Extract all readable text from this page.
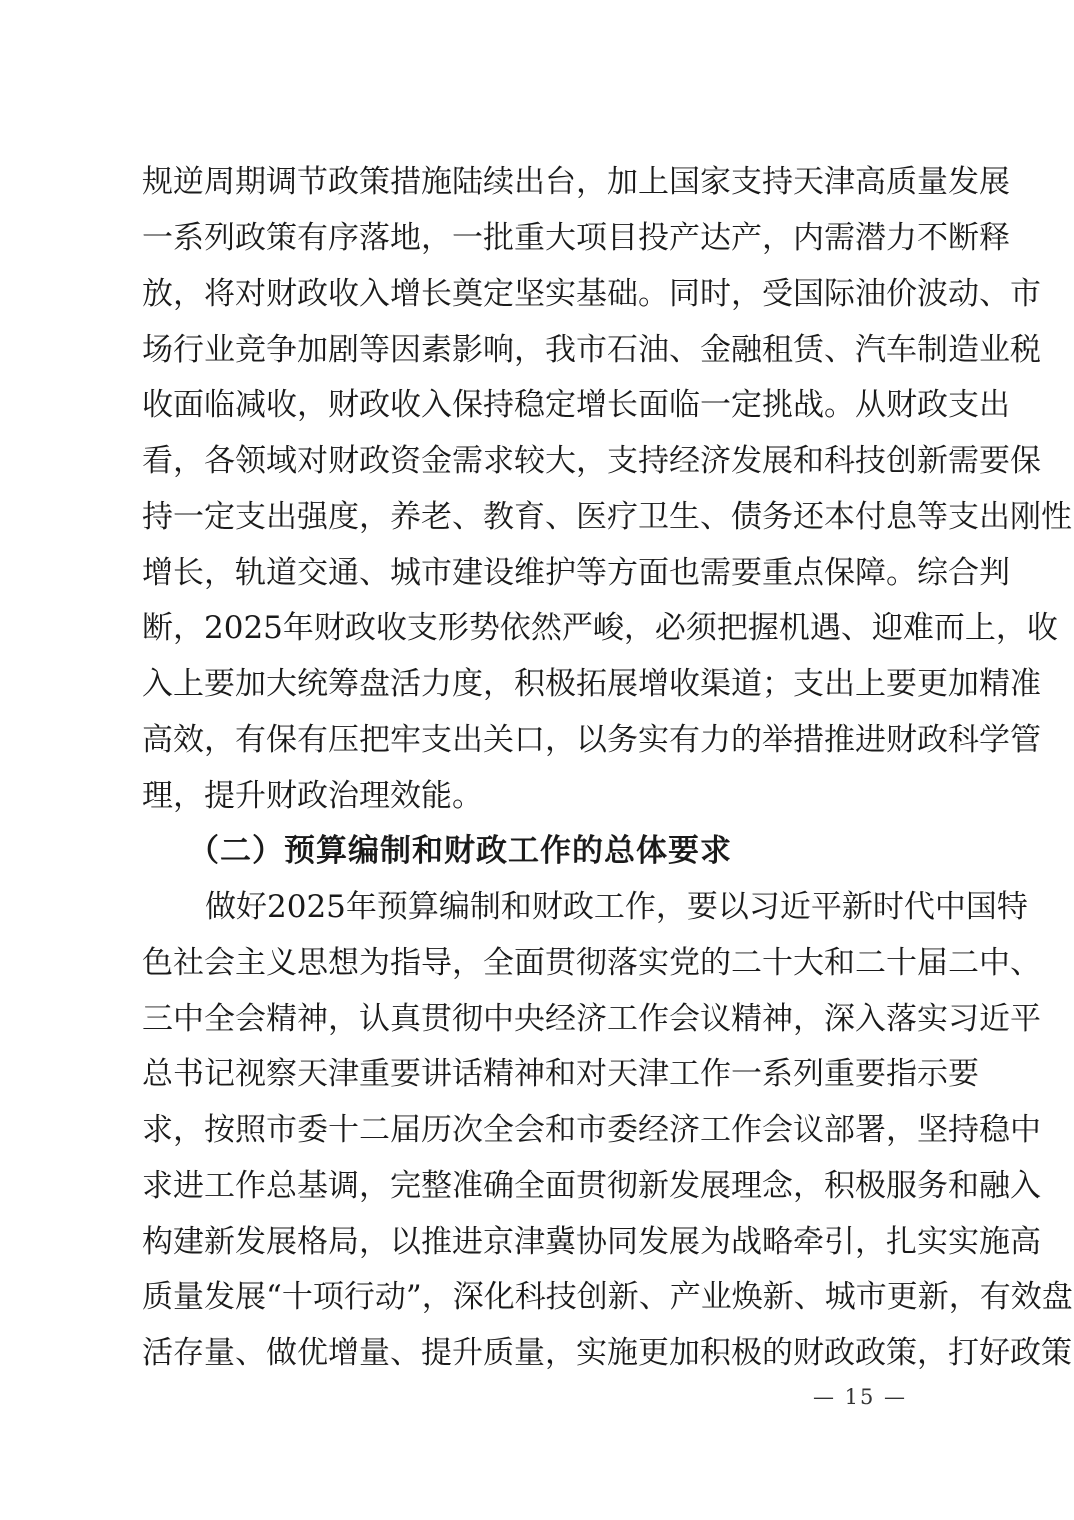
规逆周期调节政策措施陆续出台，加上国家支持天津高质量发展
一系列政策有序落地，一批重大项目投产达产，内需潜力不断释
放，将对财政收入增长奠定坚实基础。同时，受国际油价波动、市
场行业竞争加剧等因素影响，我市石油、金融租赁、汽车制造业税
收面临减收，财政收入保持稳定增长面临一定挑战。从财政支出
看，各领域对财政资金需求较大，支持经济发展和科技创新需要保
持一定支出强度，养老、教育、医疗卫生、债务还本付息等支出刚性
增长，轨道交通、城市建设维护等方面也需要重点保障。综合判
断，2025年财政收支形势依然严峻，必须把握机遇、迎难而上，收
入上要加大统筹盘活力度，积极拓展增收渠道；支出上要更加精准
高效，有保有压把牢支出关口，以务实有力的举措推进财政科学管
理，提升财政治理效能。
（二）预算编制和财政工作的总体要求
做好2025年预算编制和财政工作，要以习近平新时代中国特
色社会主义思想为指导，全面贯彻落实党的二十大和二十届二中、
三中全会精神，认真贯彻中央经济工作会议精神，深入落实习近平
总书记视察天津重要讲话精神和对天津工作一系列重要指示要
求，按照市委十二届历次全会和市委经济工作会议部署，坚持稳中
求进工作总基调，完整准确全面贯彻新发展理念，积极服务和融入
构建新发展格局，以推进京津冀协同发展为战略牵引，扎实实施高
质量发展“十项行动”，深化科技创新、产业焕新、城市更新，有效盘
活存量、做优增量、提升质量，实施更加积极的财政政策，打好政策
— 15 —
